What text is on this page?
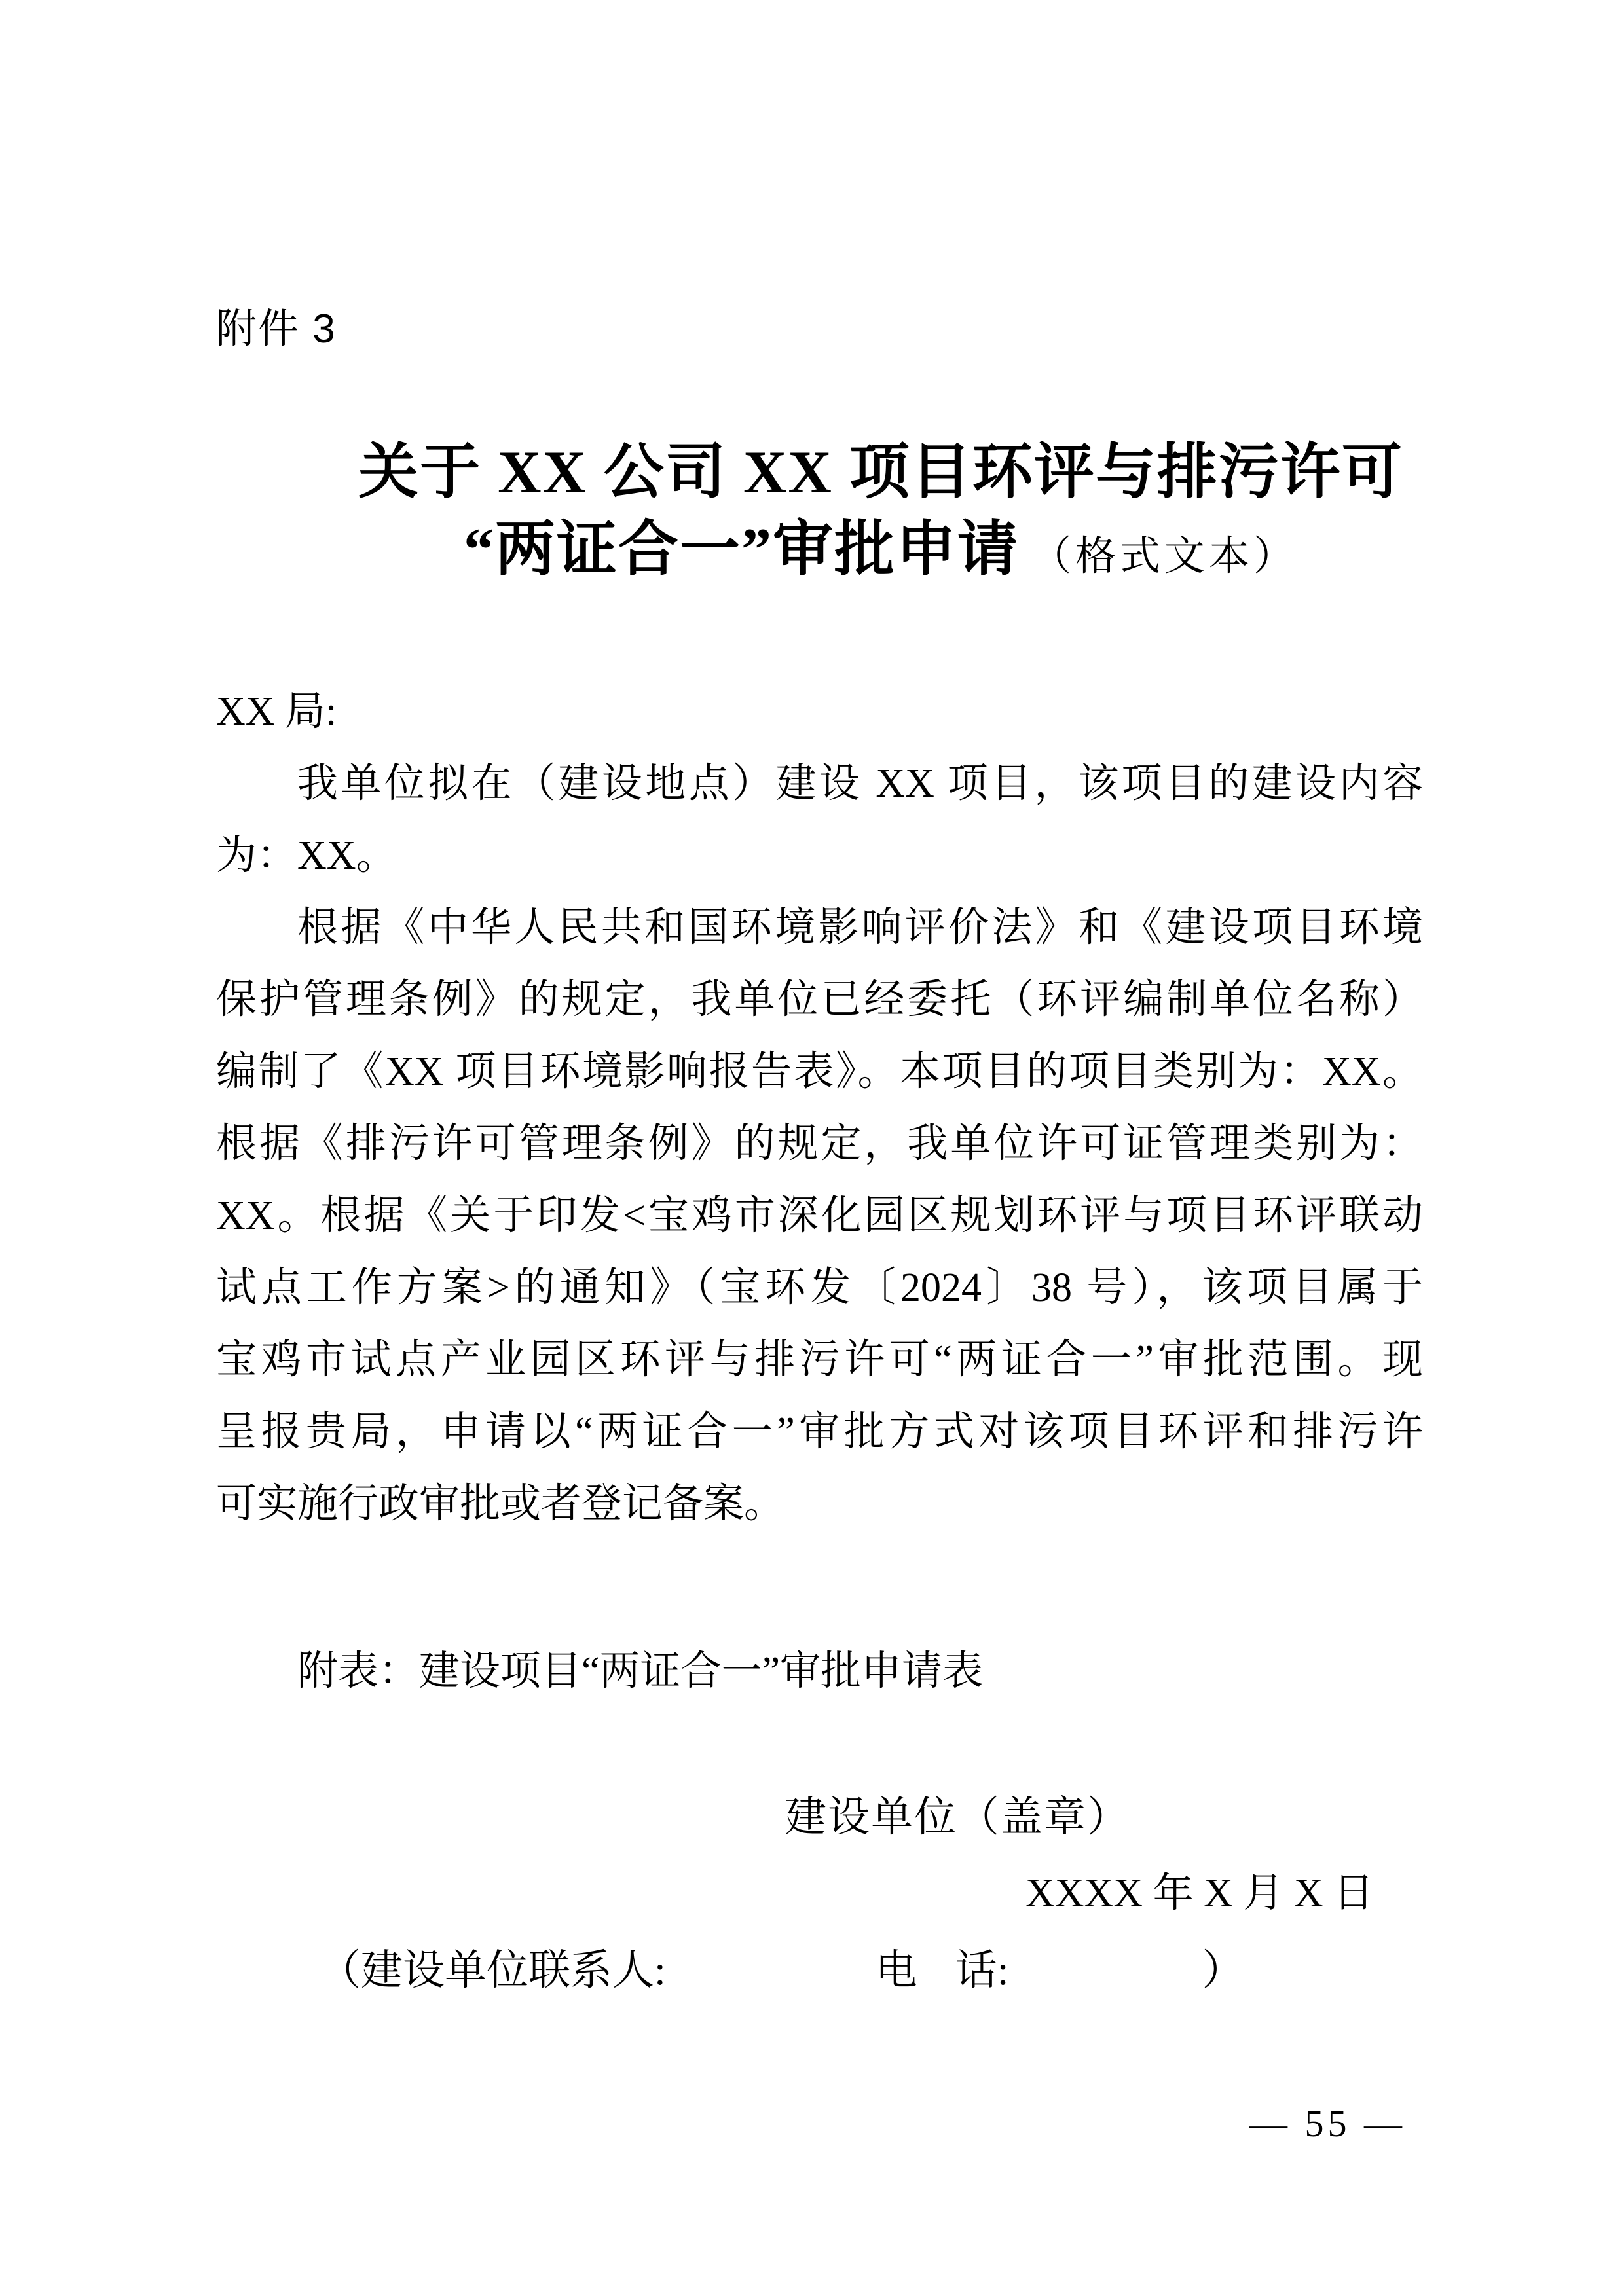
附件 3
关于 XX 公司 XX 项目环评与排污许可
“两证合一”审批申请 （格式文本）
XX 局:
我单位拟在（建设地点）建设 XX 项目，该项目的建设内容
为：XX。
根据《中华人民共和国环境影响评价法》和《建设项目环境
保护管理条例》的规定，我单位已经委托（环评编制单位名称）
编制了《XX 项目环境影响报告表》。本项目的项目类别为：XX。
根据《排污许可管理条例》的规定，我单位许可证管理类别为：
XX。根据《关于印发<宝鸡市深化园区规划环评与项目环评联动
试点工作方案>的通知》（宝环发〔2024〕38 号），该项目属于
宝鸡市试点产业园区环评与排污许可“两证合一”审批范围。现
呈报贵局，申请以“两证合一”审批方式对该项目环评和排污许
可实施行政审批或者登记备案。
附表：建设项目“两证合一”审批申请表
建设单位（盖章）
XXXX 年 X 月 X 日
（建设单位联系人:	电 话:	）
— 55 —
